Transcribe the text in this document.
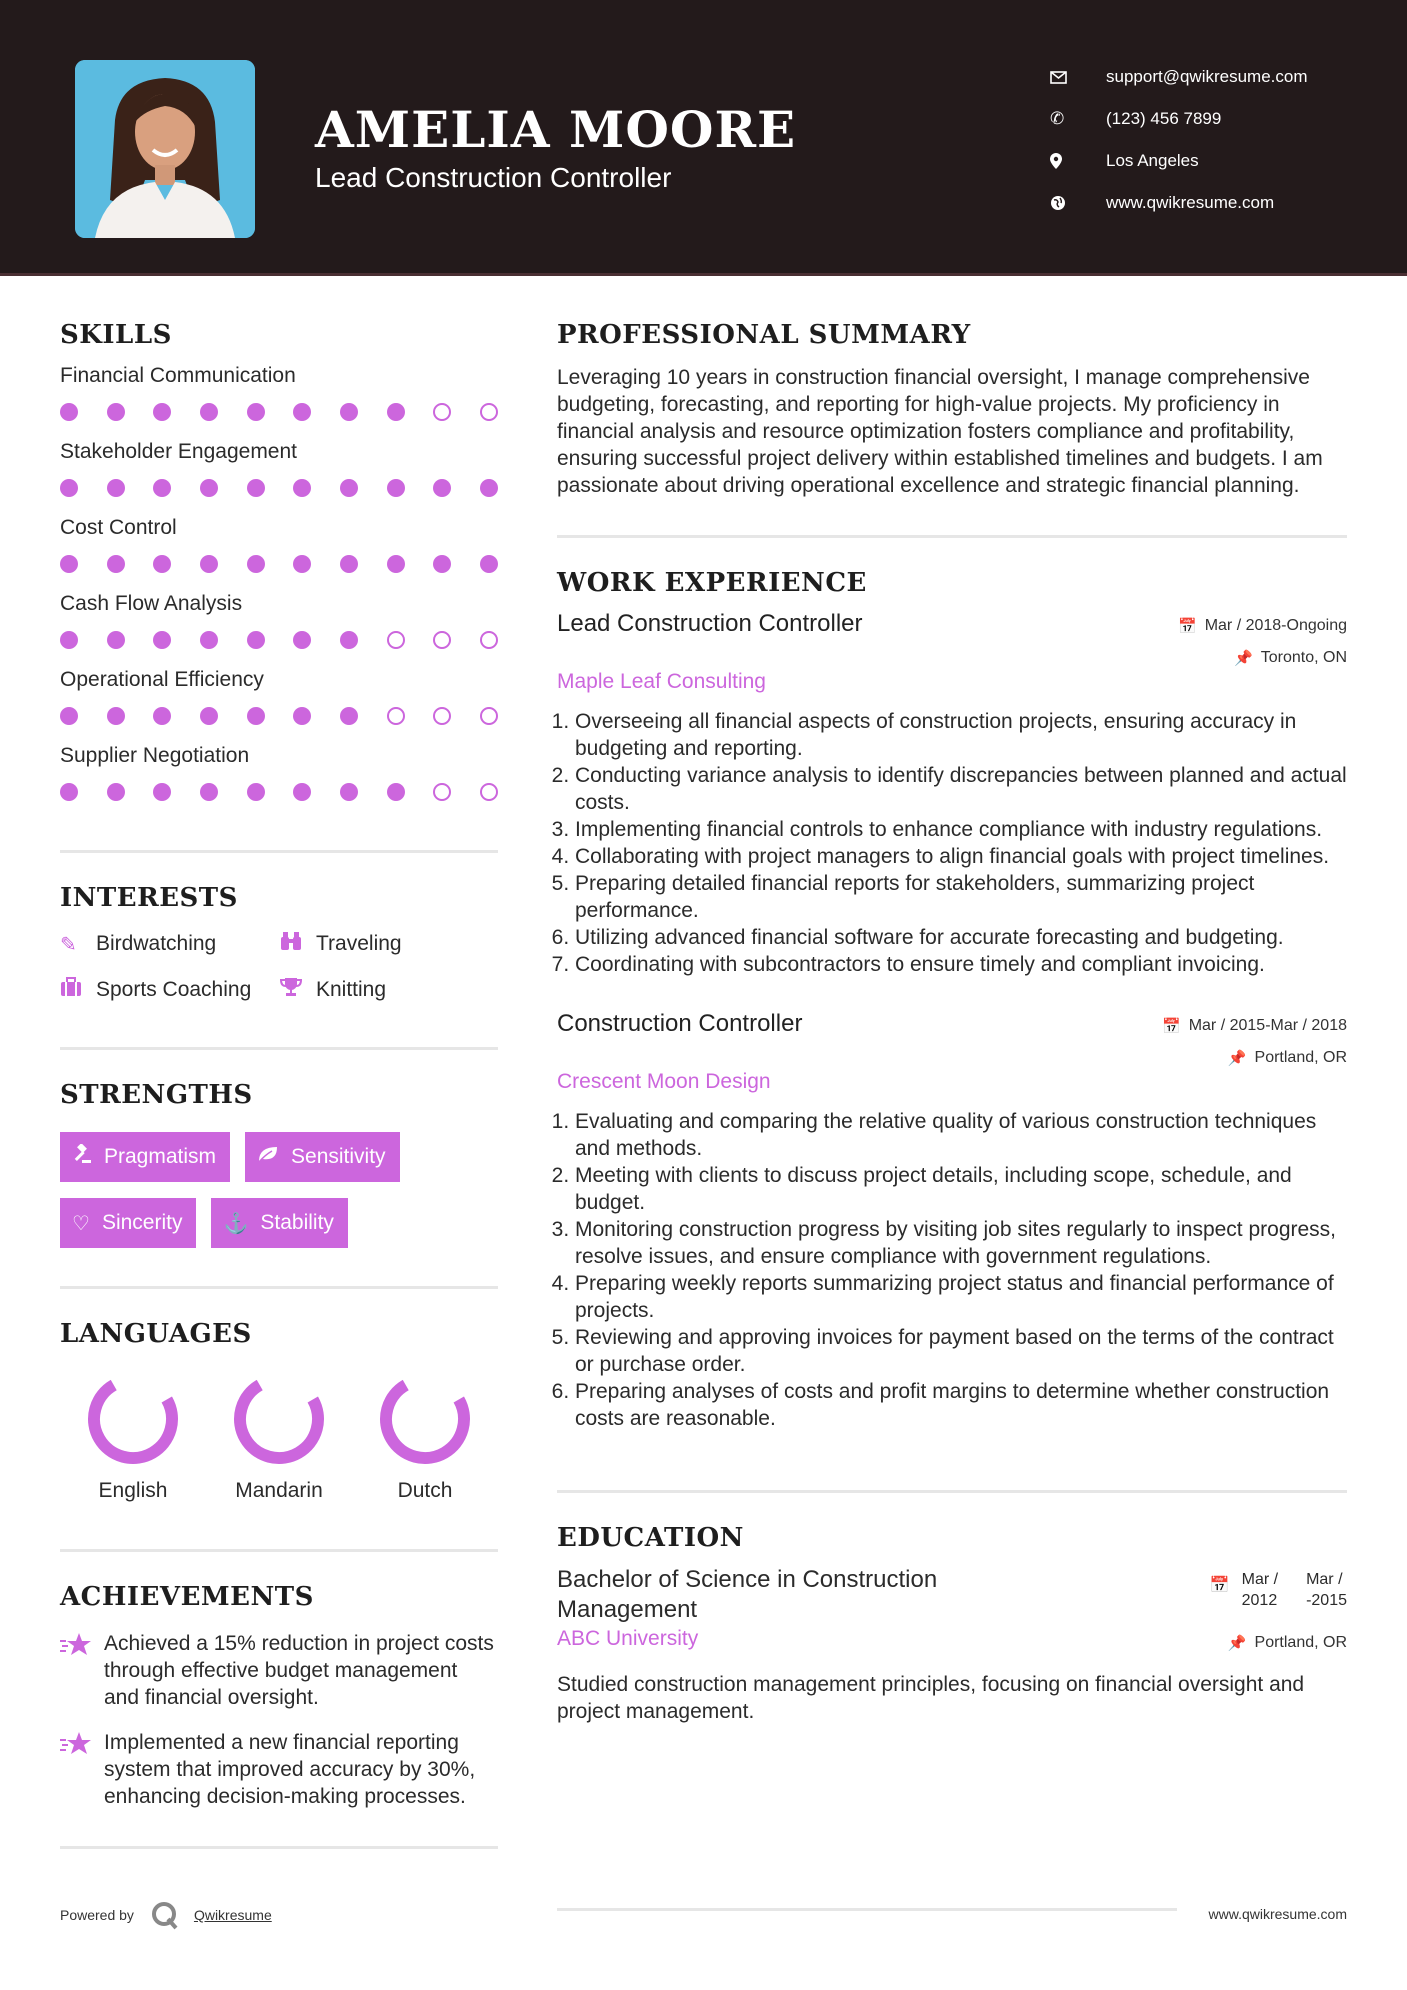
AMELIA MOORE
Lead Construction Controller
support@qwikresume.com
✆	(123) 456 7899
Los Angeles
www.qwikresume.com
SKILLS
Financial Communication
Stakeholder Engagement
Cost Control
Cash Flow Analysis
Operational Efficiency
Supplier Negotiation
INTERESTS
✎ Birdwatching	Traveling
Sports Coaching	Knitting
STRENGTHS
Pragmatism	Sensitivity
♡ Sincerity ⚓ Stability
LANGUAGES
English	Mandarin	Dutch
ACHIEVEMENTS
Achieved a 15% reduction in project costs through effective budget management and financial oversight.
Implemented a new financial reporting system that improved accuracy by 30%, enhancing decision-making processes.
Powered by	Qwikresume
PROFESSIONAL SUMMARY
Leveraging 10 years in construction financial oversight, I manage comprehensive budgeting, forecasting, and reporting for high-value projects. My proficiency in financial analysis and resource optimization fosters compliance and profitability, ensuring successful project delivery within established timelines and budgets. I am passionate about driving operational excellence and strategic financial planning.
WORK EXPERIENCE
Lead Construction Controller	📅 Mar / 2018-Ongoing
📌 Toronto, ON
Maple Leaf Consulting
1. Overseeing all financial aspects of construction projects, ensuring accuracy in budgeting and reporting.
2. Conducting variance analysis to identify discrepancies between planned and actual costs.
3. Implementing financial controls to enhance compliance with industry regulations.
4. Collaborating with project managers to align financial goals with project timelines.
5. Preparing detailed financial reports for stakeholders, summarizing project performance.
6. Utilizing advanced financial software for accurate forecasting and budgeting.
7. Coordinating with subcontractors to ensure timely and compliant invoicing.
Construction Controller	📅 Mar / 2015-Mar / 2018
📌 Portland, OR
Crescent Moon Design
1. Evaluating and comparing the relative quality of various construction techniques and methods.
2. Meeting with clients to discuss project details, including scope, schedule, and budget.
3. Monitoring construction progress by visiting job sites regularly to inspect progress, resolve issues, and ensure compliance with government regulations.
4. Preparing weekly reports summarizing project status and financial performance of projects.
5. Reviewing and approving invoices for payment based on the terms of the contract or purchase order.
6. Preparing analyses of costs and profit margins to determine whether construction costs are reasonable.
EDUCATION
Bachelor of Science in Construction Management
📅 Mar /
2012
Mar /
-2015
ABC University	📌 Portland, OR
Studied construction management principles, focusing on financial oversight and project management.
www.qwikresume.com
